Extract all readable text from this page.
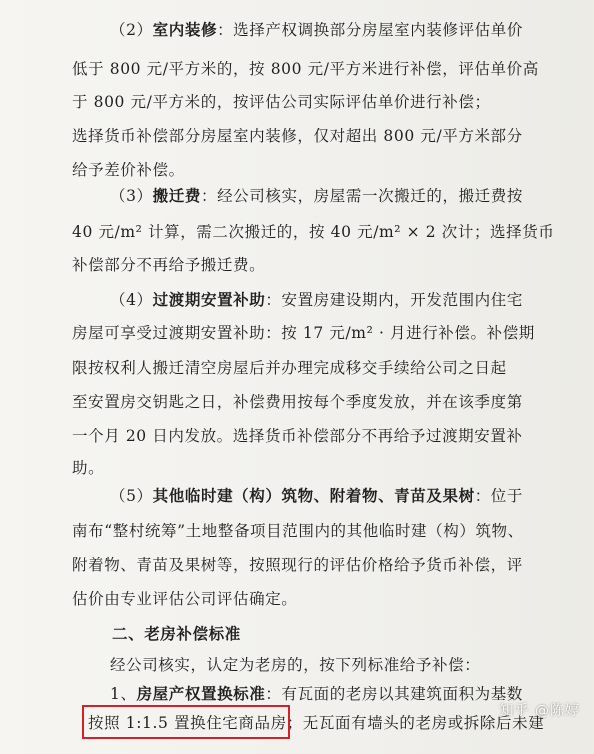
（2）室内装修：选择产权调换部分房屋室内装修评估单价
低于 800 元/平方米的，按 800 元/平方米进行补偿，评估单价高
于 800 元/平方米的，按评估公司实际评估单价进行补偿；
选择货币补偿部分房屋室内装修，仅对超出 800 元/平方米部分
给予差价补偿。
（3）搬迁费：经公司核实，房屋需一次搬迁的，搬迁费按
40 元/m² 计算，需二次搬迁的，按 40 元/m² × 2 次计；选择货币
补偿部分不再给予搬迁费。
（4）过渡期安置补助：安置房建设期内，开发范围内住宅
房屋可享受过渡期安置补助：按 17 元/m² · 月进行补偿。补偿期
限按权利人搬迁清空房屋后并办理完成移交手续给公司之日起
至安置房交钥匙之日，补偿费用按每个季度发放，并在该季度第
一个月 20 日内发放。选择货币补偿部分不再给予过渡期安置补
助。
（5）其他临时建（构）筑物、附着物、青苗及果树：位于
南布“整村统筹”土地整备项目范围内的其他临时建（构）筑物、
附着物、青苗及果树等，按照现行的评估价格给予货币补偿，评
估价由专业评估公司评估确定。
二、老房补偿标准
经公司核实，认定为老房的，按下列标准给予补偿：
1、房屋产权置换标准：有瓦面的老房以其建筑面积为基数
按照 1:1.5 置换住宅商品房；无瓦面有墙头的老房或拆除后未建
知乎 @陈婷
